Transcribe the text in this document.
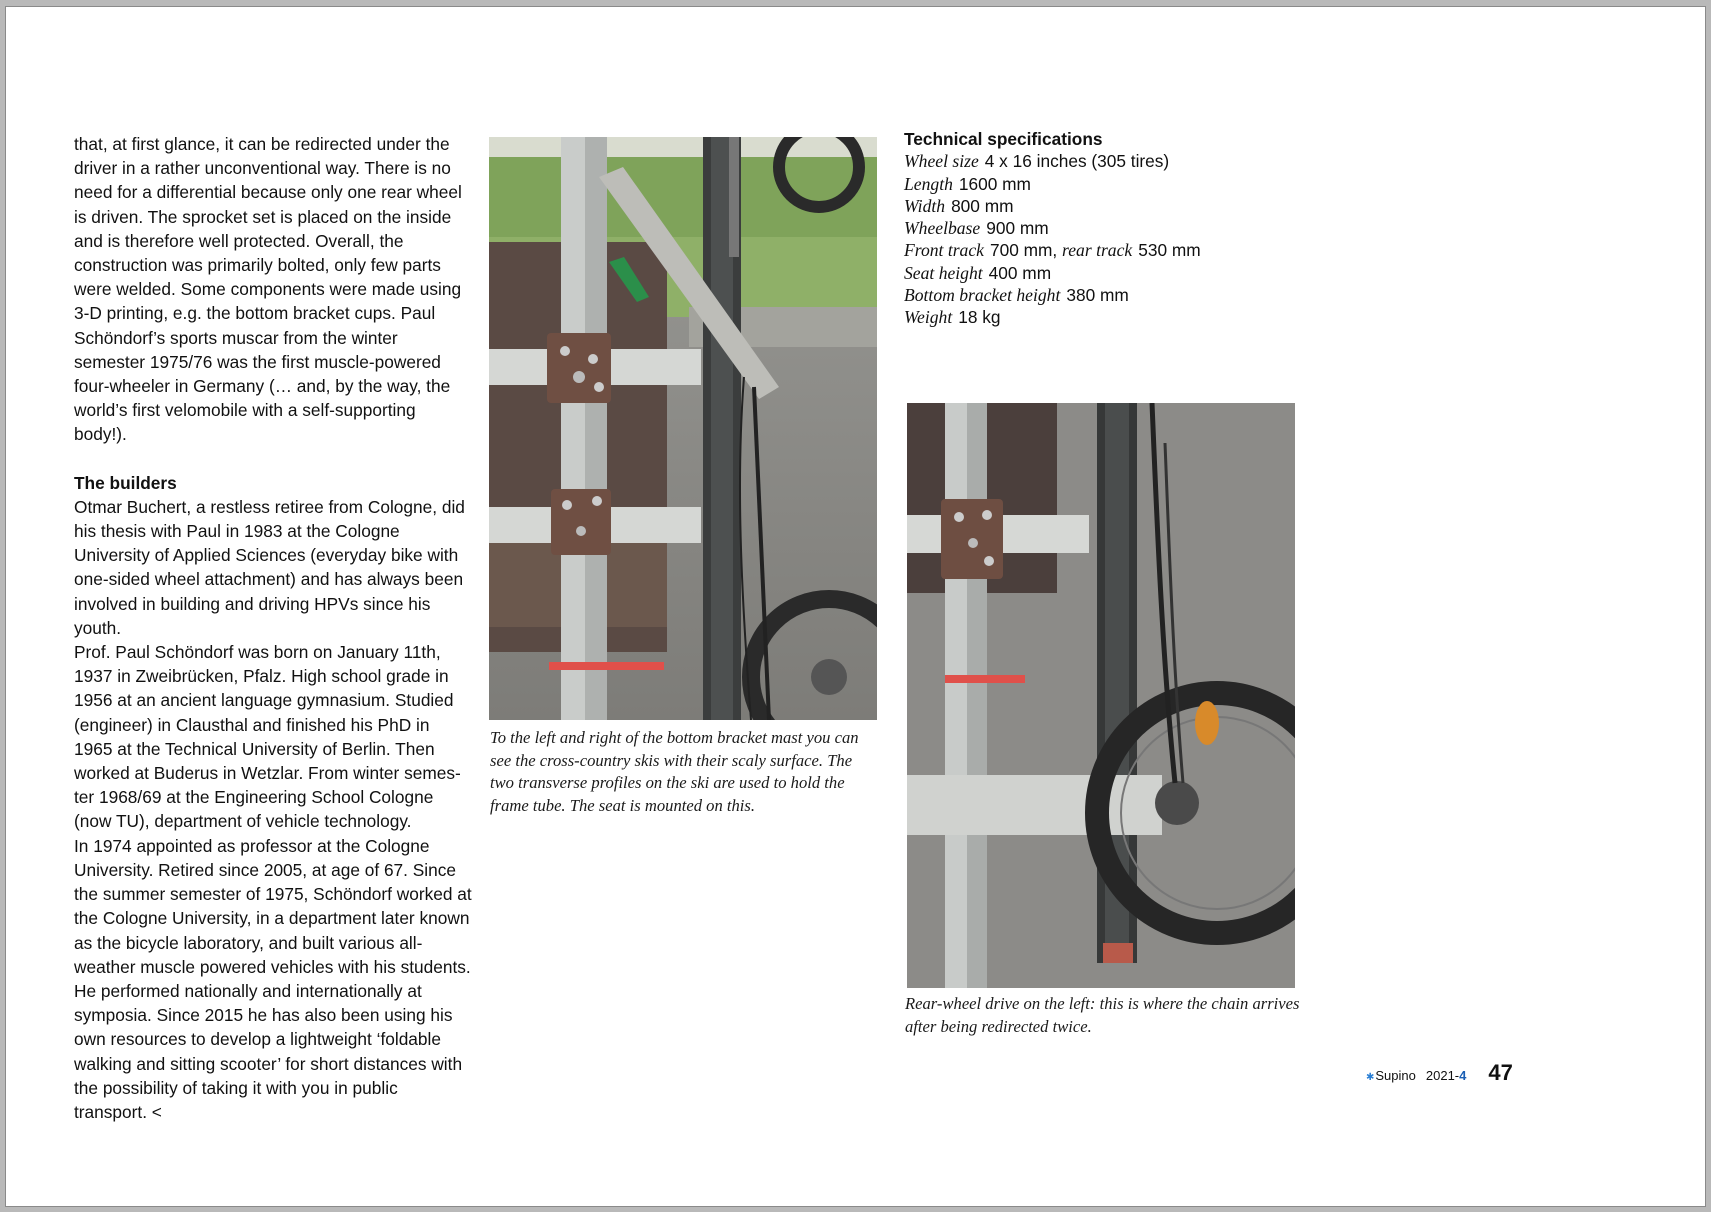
that, at first glance, it can be redirected under the driver in a rather unconventional way. There is no need for a differential because only one rear wheel is driven. The sprocket set is placed on the inside and is therefore well protected. Overall, the construction was primarily bolted, only few parts were welded. Some components were made using 3-D printing, e.g. the bottom bracket cups. Paul Schöndorf’s sports muscar from the winter semester 1975/76 was the first muscle-powered four-wheeler in Germany (… and, by the way, the world’s first velomobile with a self-supporting body!).

The builders

Otmar Buchert, a restless retiree from Cologne, did his thesis with Paul in 1983 at the Cologne University of Applied Sciences (everyday bike with one-sided wheel attachment) and has always been involved in building and driving HPVs since his youth.

Prof. Paul Schöndorf was born on January 11th, 1937 in Zweibrücken, Pfalz. High school grade in 1956 at an ancient language gymnasium. Studied (engineer) in Clausthal and finished his PhD in 1965 at the Technical University of Berlin. Then worked at Buderus in Wetzlar. From winter semester 1968/69 at the Engineering School Cologne (now TU), department of vehicle technology.

In 1974 appointed as professor at the Cologne University. Retired since 2005, at age of 67. Since the summer semester of 1975, Schöndorf worked at the Cologne University, in a department later known as the bicycle laboratory, and built various all-weather muscle powered vehicles with his students. He performed nationally and internationally at symposia. Since 2015 he has also been using his own resources to develop a lightweight ‘foldable walking and sitting scooter’ for short distances with the possibility of taking it with you in public transport. <

To the left and right of the bottom bracket mast you can see the cross-country skis with their scaly surface. The two transverse profiles on the ski are used to hold the frame tube. The seat is mounted on this.
Technical specifications
Wheel size 4 x 16 inches (305 tires)
Length 1600 mm
Width 800 mm
Wheelbase 900 mm
Front track 700 mm, rear track 530 mm
Seat height 400 mm
Bottom bracket height 380 mm
Weight 18 kg
Rear-wheel drive on the left: this is where the chain arrives after being redirected twice.
✱ Supino 2021-4 47
